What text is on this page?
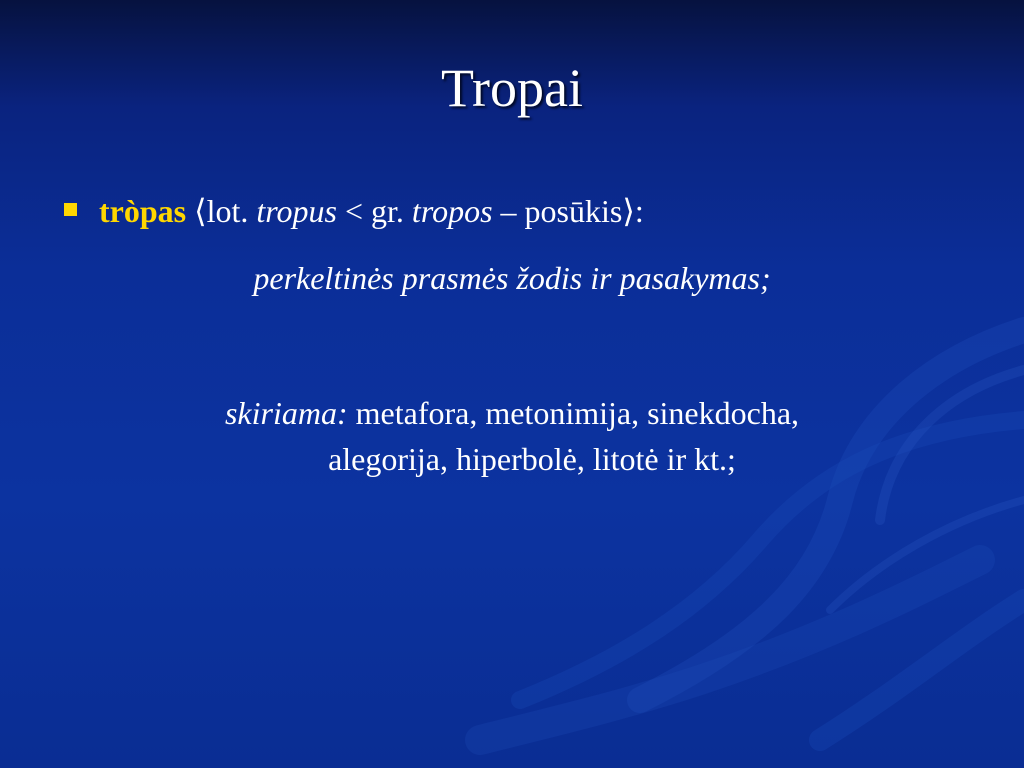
Tropai
tròpas ⟨lot. tropus < gr. tropos – posūkis⟩:
perkeltinės prasmės žodis ir pasakymas;
skiriama: metafora, metonimija, sinekdocha,
alegorija, hiperbolė, litotė ir kt.;
